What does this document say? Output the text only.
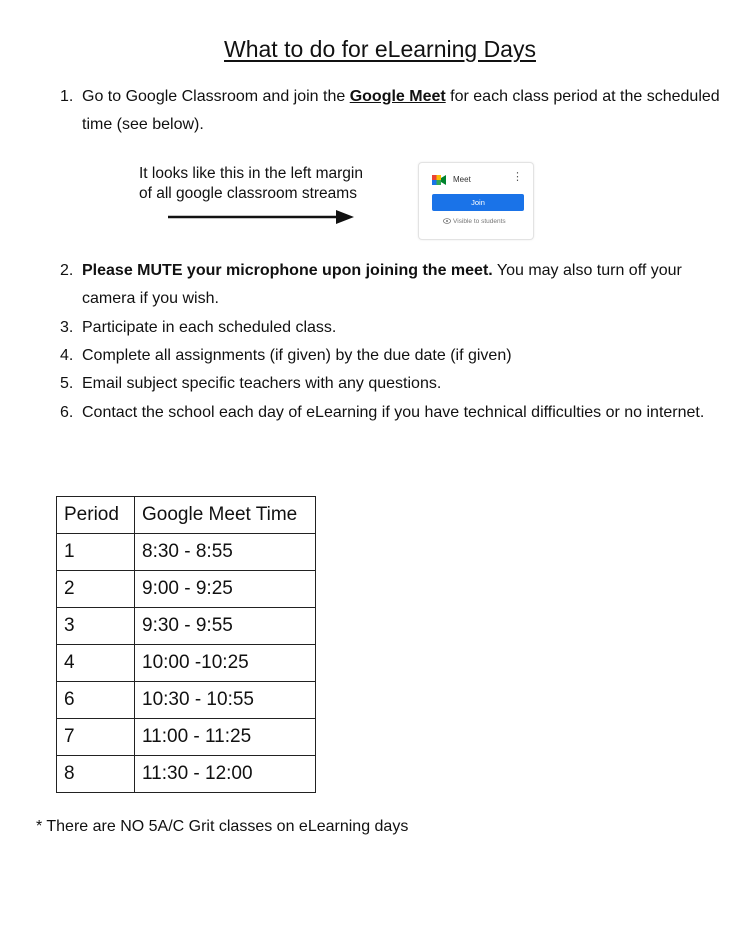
What to do for eLearning Days
1. Go to Google Classroom and join the Google Meet for each class period at the scheduled time (see below).
It looks like this in the left margin
of all google classroom streams
Meet	⋮
Join
Visible to students
2. Please MUTE your microphone upon joining the meet. You may also turn off your camera if you wish.
3. Participate in each scheduled class.
4. Complete all assignments (if given) by the due date (if given)
5. Email subject specific teachers with any questions.
6. Contact the school each day of eLearning if you have technical difficulties or no internet.
Period	Google Meet Time
1	8:30 - 8:55
2	9:00 - 9:25
3	9:30 - 9:55
4	10:00 -10:25
6	10:30 - 10:55
7	11:00 - 11:25
8	11:30 - 12:00
* There are NO 5A/C Grit classes on eLearning days
